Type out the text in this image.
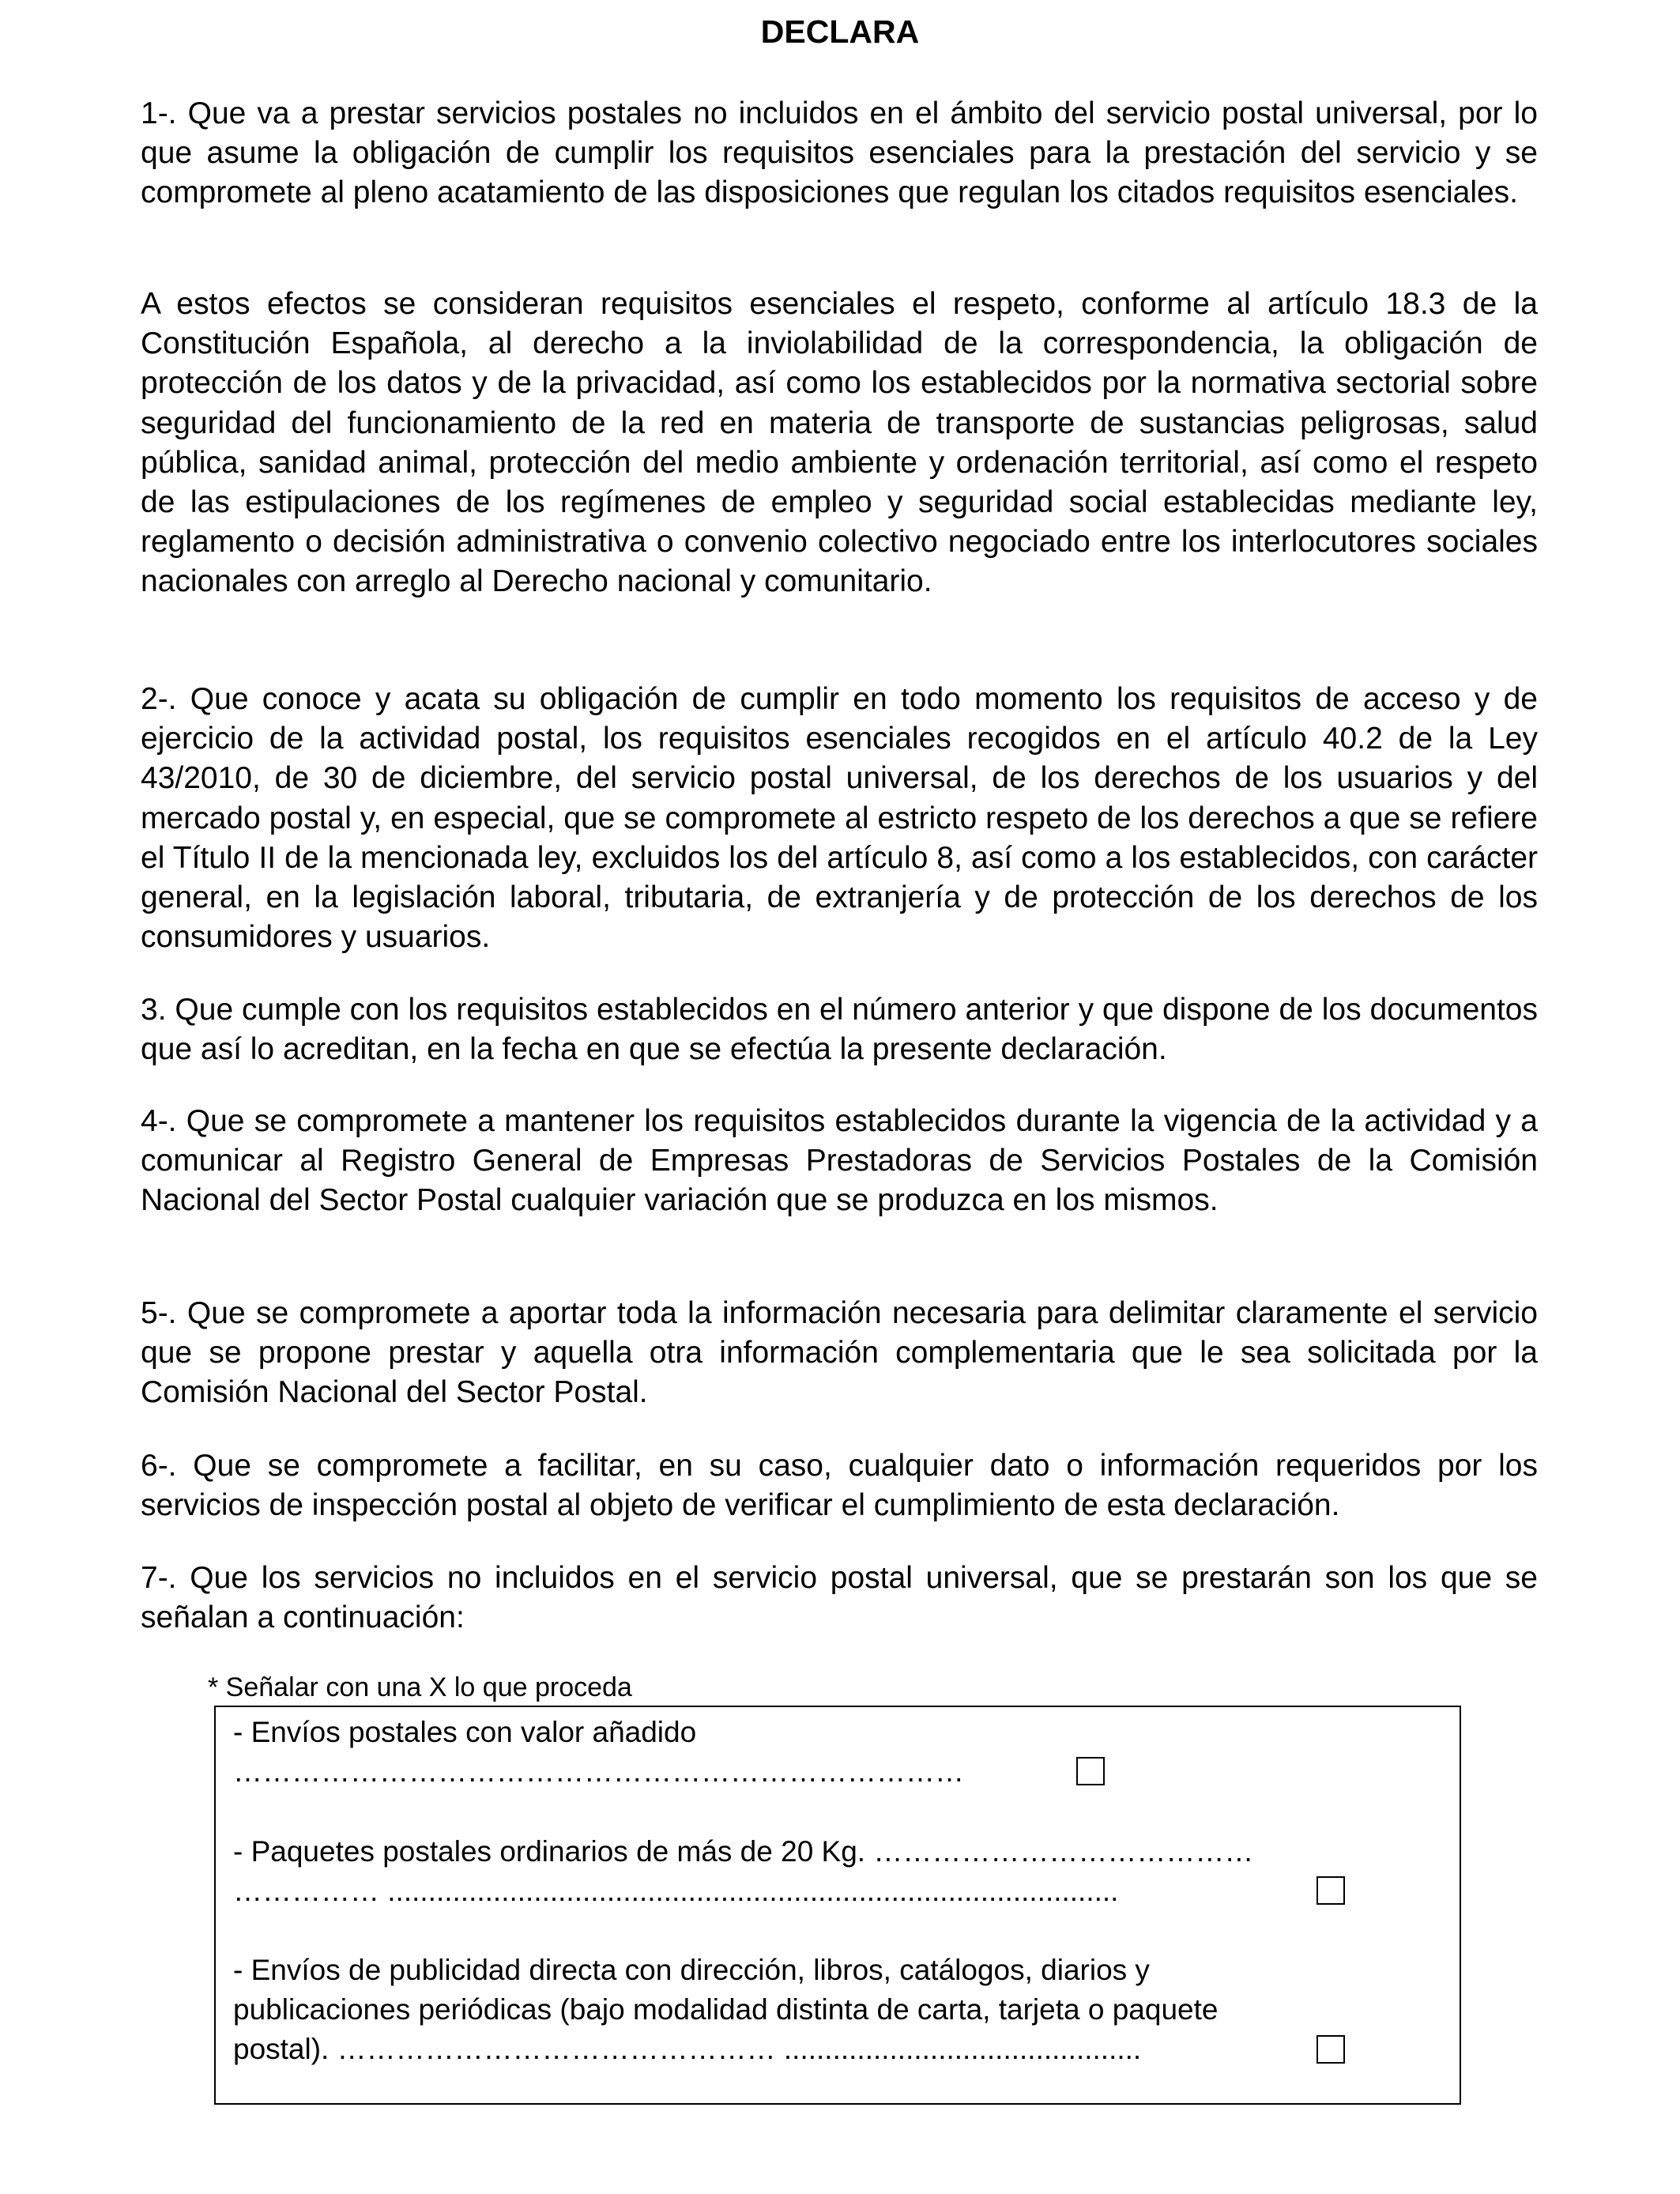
DECLARA

1-. Que va a prestar servicios postales no incluidos en el ámbito del servicio postal universal, por lo que asume la obligación de cumplir los requisitos esenciales para la prestación del servicio y se compromete al pleno acatamiento de las disposiciones que regulan los citados requisitos esenciales.

A estos efectos se consideran requisitos esenciales el respeto, conforme al artículo 18.3 de la Constitución Española, al derecho a la inviolabilidad de la correspondencia, la obligación de protección de los datos y de la privacidad, así como los establecidos por la normativa sectorial sobre seguridad del funcionamiento de la red en materia de transporte de sustancias peligrosas, salud pública, sanidad animal, protección del medio ambiente y ordenación territorial, así como el respeto de las estipulaciones de los regímenes de empleo y seguridad social establecidas mediante ley, reglamento o decisión administrativa o convenio colectivo negociado entre los interlocutores sociales nacionales con arreglo al Derecho nacional y comunitario.

2-. Que conoce y acata su obligación de cumplir en todo momento los requisitos de acceso y de ejercicio de la actividad postal, los requisitos esenciales recogidos en el artículo 40.2 de la Ley 43/2010, de 30 de diciembre, del servicio postal universal, de los derechos de los usuarios y del mercado postal y, en especial, que se compromete al estricto respeto de los derechos a que se refiere el Título II de la mencionada ley, excluidos los del artículo 8, así como a los establecidos, con carácter general, en la legislación laboral, tributaria, de extranjería y de protección de los derechos de los consumidores y usuarios.

3. Que cumple con los requisitos establecidos en el número anterior y que dispone de los documentos que así lo acreditan, en la fecha en que se efectúa la presente declaración.

4-. Que se compromete a mantener los requisitos establecidos durante la vigencia de la actividad y a comunicar al Registro General de Empresas Prestadoras de Servicios Postales de la Comisión Nacional del Sector Postal cualquier variación que se produzca en los mismos.

5-. Que se compromete a aportar toda la información necesaria para delimitar claramente el servicio que se propone prestar y aquella otra información complementaria que le sea solicitada por la Comisión Nacional del Sector Postal.

6-. Que se compromete a facilitar, en su caso, cualquier dato o información requeridos por los servicios de inspección postal al objeto de verificar el cumplimiento de esta declaración.

7-. Que los servicios no incluidos en el servicio postal universal, que se prestarán son los que se señalan a continuación:

* Señalar con una X lo que proceda
- Envíos postales con valor añadido
…………………………………………………………………
- Paquetes postales ordinarios de más de 20 Kg. …………………………………
…………… ..........................................................................................
- Envíos de publicidad directa con dirección, libros, catálogos, diarios y
publicaciones periódicas (bajo modalidad distinta de carta, tarjeta o paquete
postal). ……………………………………… ............................................
